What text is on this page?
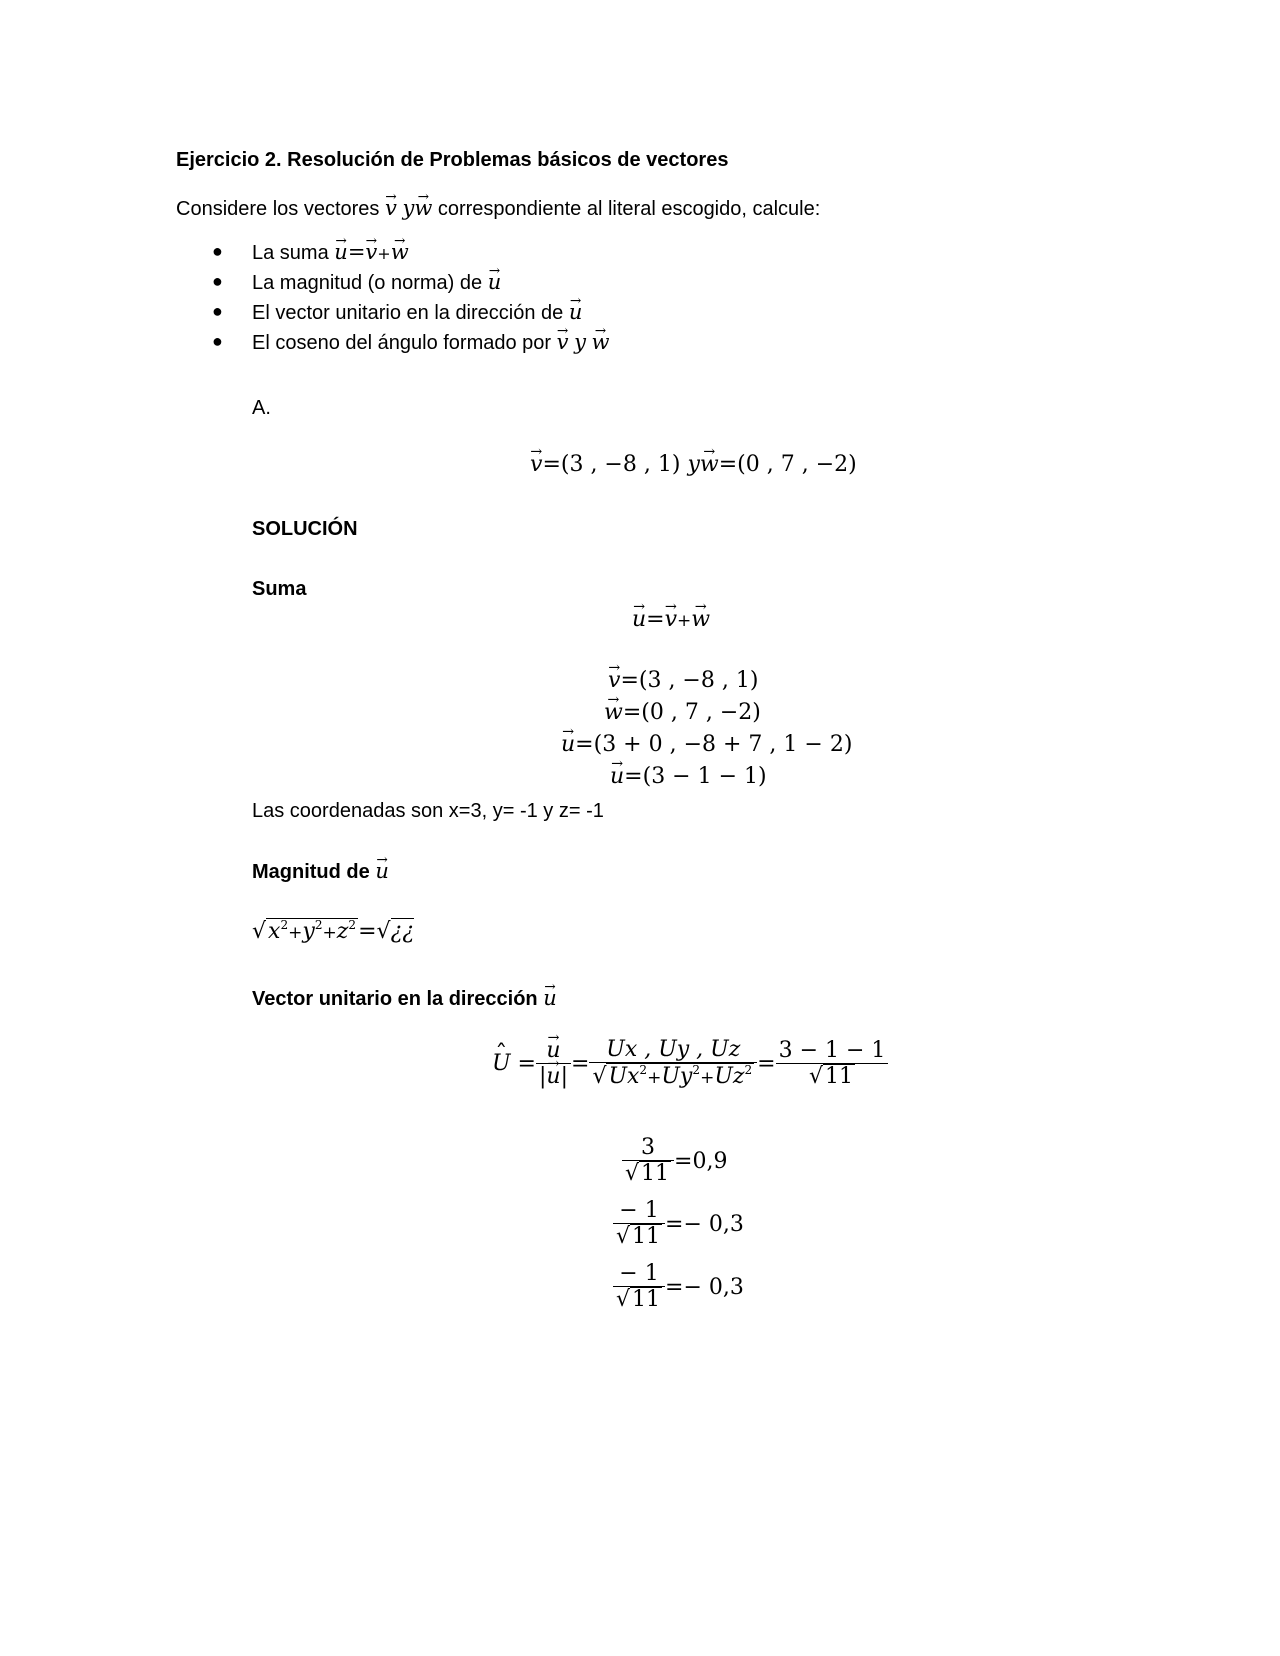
Ejercicio 2. Resolución de Problemas básicos de vectores
Considere los vectores → v y→ w correspondiente al literal escogido, calcule:
● La suma → u=→ v+→ w
● La magnitud (o norma) de → u
● El vector unitario en la dirección de → u
● El coseno del ángulo formado por → v y → w
A.
→ v=(3 , −8 , 1) y→ w=(0 , 7 , −2)
SOLUCIÓN
Suma
→ u=→ v+→ w
→ v=(3 , −8 , 1)
→ w=(0 , 7 , −2)
→ u=(3 + 0 , −8 + 7 , 1 − 2)
→ u=(3 − 1 − 1)
Las coordenadas son x=3, y= -1 y z= -1
Magnitud de → u
$√x^2+y^2+z^2=√¿¿$
Vector unitario en la dirección → u
ˆ U = → $\frac{u}{|\to u|} = \frac{Ux , Uy , Uz}{√Ux^2+Uy^2+Uz^2} = \frac{3 - 1 - 1}{√11}$
$\frac{3}{√11} =0,9$
$\frac{- 1}{√11} =- 0,3$
$\frac{- 1}{√11} =- 0,3$
